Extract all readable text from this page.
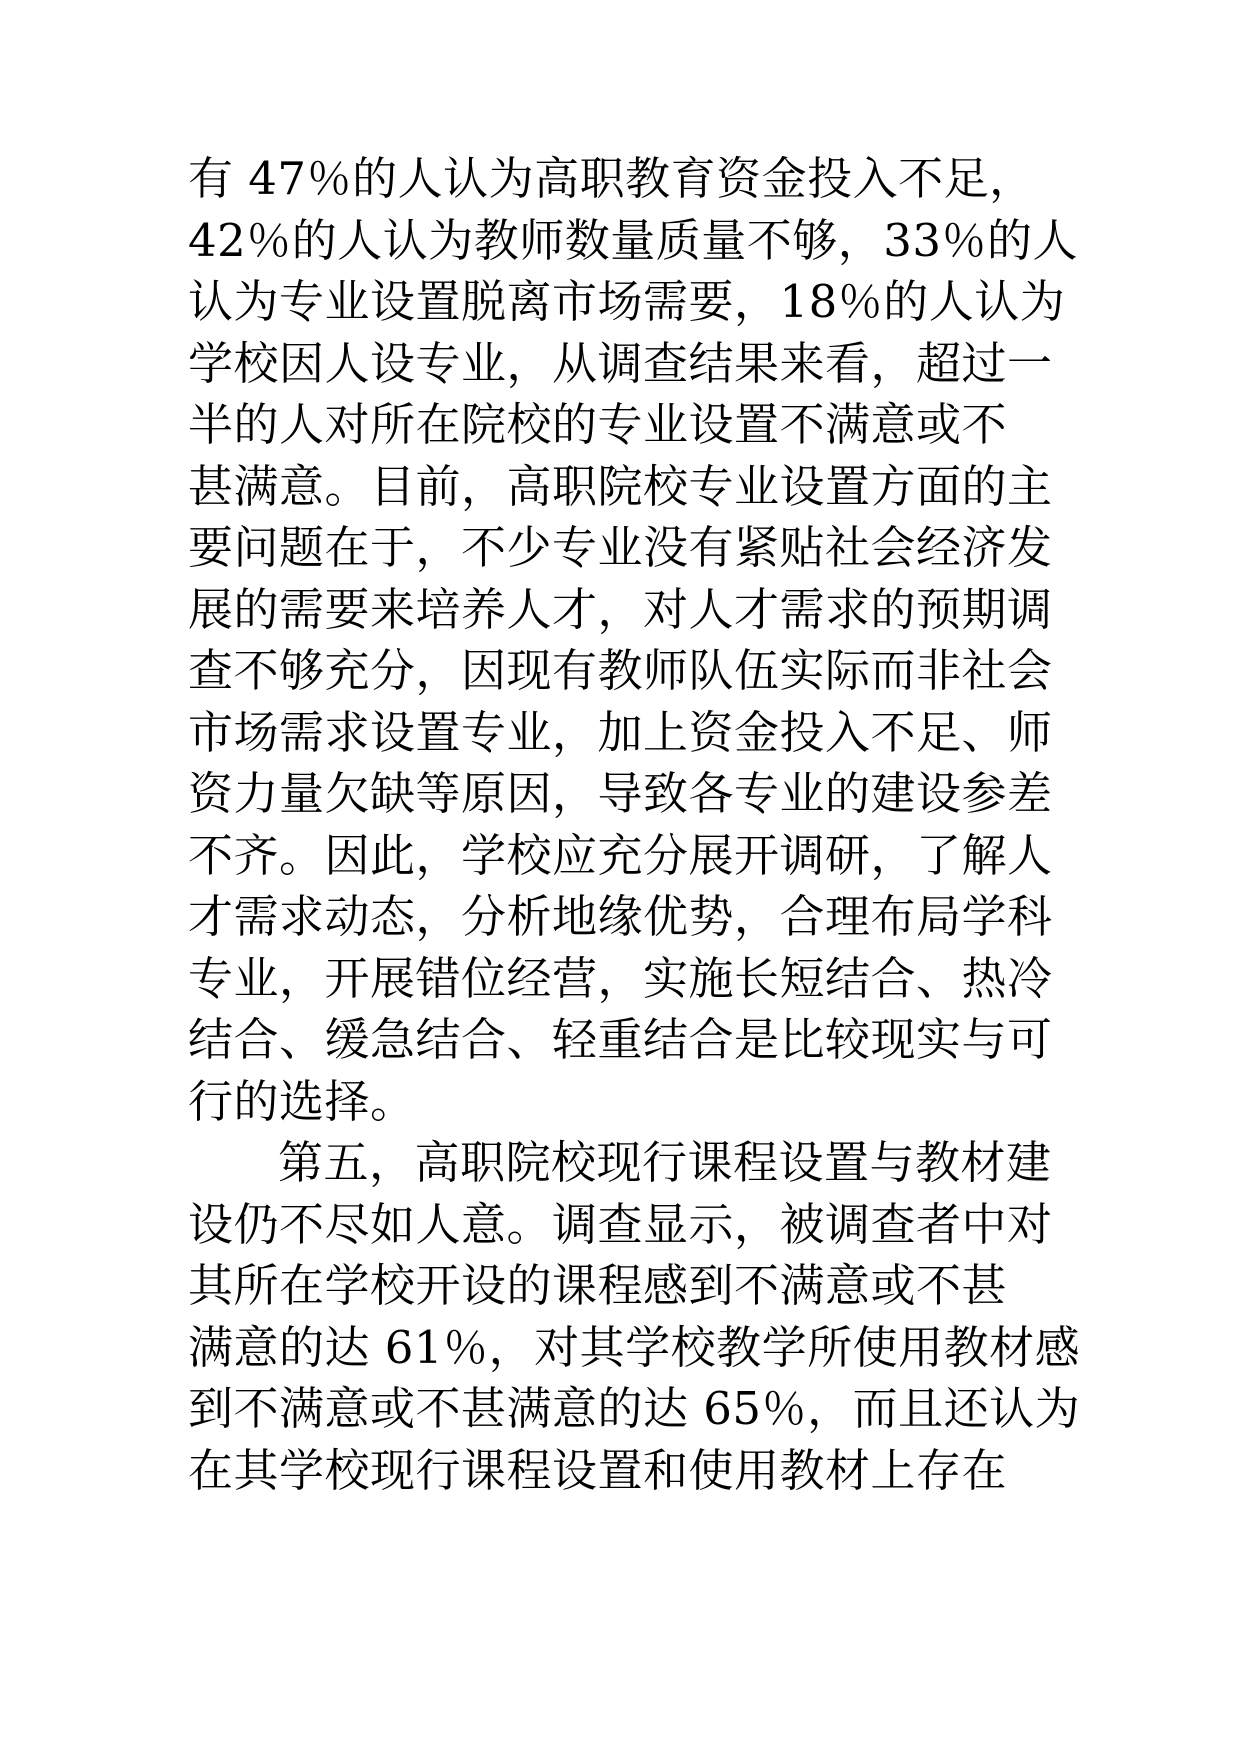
有 47％的人认为高职教育资金投入不足，
42％的人认为教师数量质量不够，33％的人
认为专业设置脱离市场需要，18％的人认为
学校因人设专业，从调查结果来看，超过一
半的人对所在院校的专业设置不满意或不
甚满意。目前，高职院校专业设置方面的主
要问题在于，不少专业没有紧贴社会经济发
展的需要来培养人才，对人才需求的预期调
查不够充分，因现有教师队伍实际而非社会
市场需求设置专业，加上资金投入不足、师
资力量欠缺等原因，导致各专业的建设参差
不齐。因此，学校应充分展开调研，了解人
才需求动态，分析地缘优势，合理布局学科
专业，开展错位经营，实施长短结合、热冷
结合、缓急结合、轻重结合是比较现实与可
行的选择。
第五，高职院校现行课程设置与教材建
设仍不尽如人意。调查显示，被调查者中对
其所在学校开设的课程感到不满意或不甚
满意的达 61％，对其学校教学所使用教材感
到不满意或不甚满意的达 65％，而且还认为
在其学校现行课程设置和使用教材上存在
